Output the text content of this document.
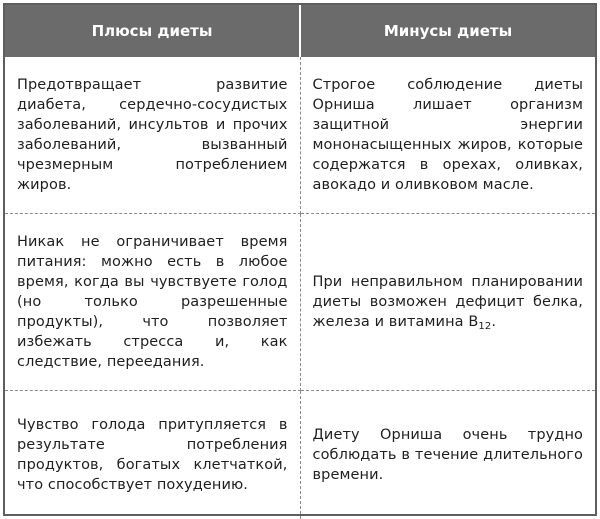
Плюсы диеты	Минусы диеты
Предотвращает развитие диабета, сердечно-сосудистых заболеваний, инсультов и прочих заболеваний, вызванный чрезмерным потреблением жиров.	Строгое соблюдение диеты Орниша лишает организм защитной энергии мононасыщенных жиров, которые содержатся в орехах, оливках, авокадо и оливковом масле.
Никак не ограничивает время питания: можно есть в любое время, когда вы чувствуете голод (но только разрешенные продукты), что позволяет избежать стресса и, как следствие, переедания.	При неправильном планировании диеты возможен дефицит белка, железа и витамина $B_{12}$.
Чувство голода притупляется в результате потребления продуктов, богатых клетчаткой, что способствует похудению.	Диету Орниша очень трудно соблюдать в течение длительного времени.
